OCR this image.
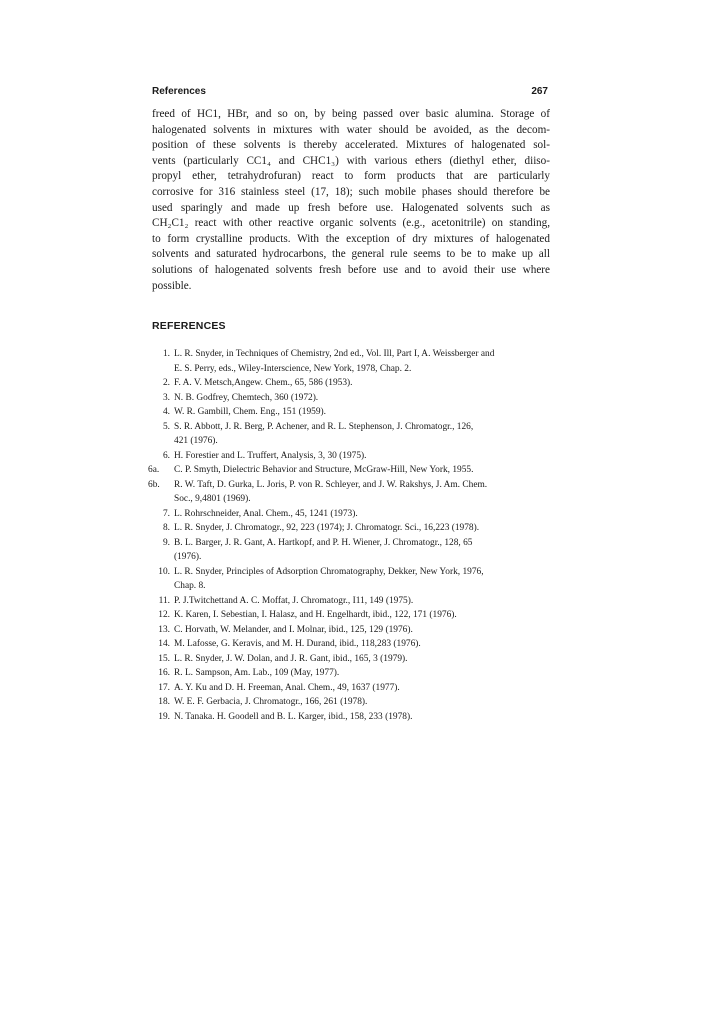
References	267

freed of HC1, HBr, and so on, by being passed over basic alumina. Storage of
halogenated solvents in mixtures with water should be avoided, as the decom-
position of these solvents is thereby accelerated. Mixtures of halogenated sol-
vents (particularly CC1₄ and CHC1₃) with various ethers (diethyl ether, diiso-
propyl ether, tetrahydrofuran) react to form products that are particularly
corrosive for 316 stainless steel (17, 18); such mobile phases should therefore be
used sparingly and made up fresh before use. Halogenated solvents such as
CH₂C1₂ react with other reactive organic solvents (e.g., acetonitrile) on standing,
to form crystalline products. With the exception of dry mixtures of halogenated
solvents and saturated hydrocarbons, the general rule seems to be to make up all
solutions of halogenated solvents fresh before use and to avoid their use where
possible.

REFERENCES
1. L. R. Snyder, in Techniques of Chemistry, 2nd ed., Vol. Ill, Part I, A. Weissberger and
E. S. Perry, eds., Wiley-Interscience, New York, 1978, Chap. 2.
2. F. A. V. Metsch,Angew. Chem., 65, 586 (1953).
3. N. B. Godfrey, Chemtech, 360 (1972).
4. W. R. Gambill, Chem. Eng., 151 (1959).
5. S. R. Abbott, J. R. Berg, P. Achener, and R. L. Stephenson, J. Chromatogr., 126,
421 (1976).
6. H. Forestier and L. Truffert, Analysis, 3, 30 (1975).
6a.	C. P. Smyth, Dielectric Behavior and Structure, McGraw-Hill, New York, 1955.
6b.	R. W. Taft, D. Gurka, L. Joris, P. von R. Schleyer, and J. W. Rakshys, J. Am. Chem.
Soc., 9,4801 (1969).
7. L. Rohrschneider, Anal. Chem., 45, 1241 (1973).
8. L. R. Snyder, J. Chromatogr., 92, 223 (1974); J. Chromatogr. Sci., 16,223 (1978).
9. B. L. Barger, J. R. Gant, A. Hartkopf, and P. H. Wiener, J. Chromatogr., 128, 65
(1976).
10. L. R. Snyder, Principles of Adsorption Chromatography, Dekker, New York, 1976,
Chap. 8.
11. P. J.Twitchettand A. C. Moffat, J. Chromatogr., I11, 149 (1975).
12. K. Karen, I. Sebestian, I. Halasz, and H. Engelhardt, ibid., 122, 171 (1976).
13. C. Horvath, W. Melander, and I. Molnar, ibid., 125, 129 (1976).
14. M. Lafosse, G. Keravis, and M. H. Durand, ibid., 118,283 (1976).
15. L. R. Snyder, J. W. Dolan, and J. R. Gant, ibid., 165, 3 (1979).
16. R. L. Sampson, Am. Lab., 109 (May, 1977).
17. A. Y. Ku and D. H. Freeman, Anal. Chem., 49, 1637 (1977).
18. W. E. F. Gerbacia, J. Chromatogr., 166, 261 (1978).
19. N. Tanaka. H. Goodell and B. L. Karger, ibid., 158, 233 (1978).
